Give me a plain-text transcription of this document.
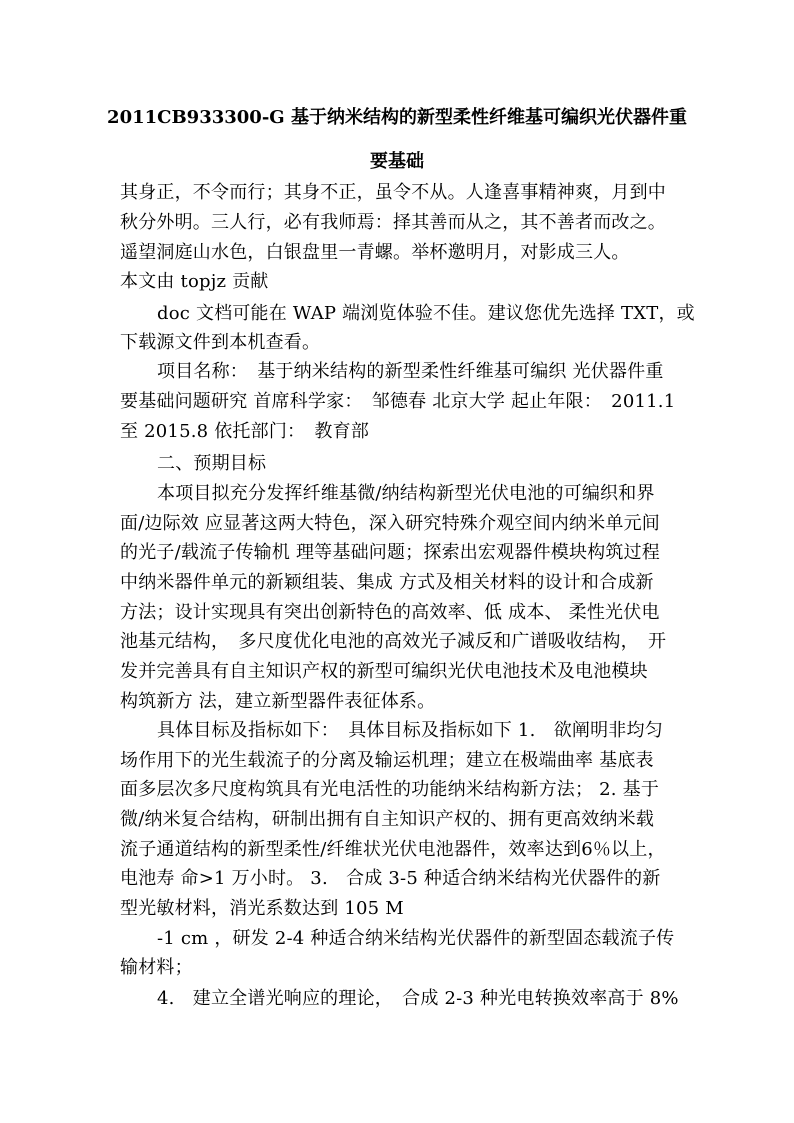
2011CB933300-G 基于纳米结构的新型柔性纤维基可编织光伏器件重
要基础
其身正，不令而行；其身不正，虽令不从。人逢喜事精神爽，月到中
秋分外明。三人行，必有我师焉：择其善而从之，其不善者而改之。
遥望洞庭山水色，白银盘里一青螺。举杯邀明月，对影成三人。
本文由 topjz 贡献
doc 文档可能在 WAP 端浏览体验不佳。建议您优先选择 TXT，或
下载源文件到本机查看。
项目名称：　基于纳米结构的新型柔性纤维基可编织 光伏器件重
要基础问题研究 首席科学家：　邹德春 北京大学 起止年限：　2011.1
至 2015.8 依托部门：　教育部
二、预期目标
本项目拟充分发挥纤维基微/纳结构新型光伏电池的可编织和界
面/边际效 应显著这两大特色，深入研究特殊介观空间内纳米单元间
的光子/载流子传输机 理等基础问题；探索出宏观器件模块构筑过程
中纳米器件单元的新颖组装、集成 方式及相关材料的设计和合成新
方法；设计实现具有突出创新特色的高效率、低 成本、 柔性光伏电
池基元结构，　多尺度优化电池的高效光子减反和广谱吸收结构，　开
发并完善具有自主知识产权的新型可编织光伏电池技术及电池模块
构筑新方 法，建立新型器件表征体系。
具体目标及指标如下：　具体目标及指标如下 1.　欲阐明非均匀
场作用下的光生载流子的分离及输运机理；建立在极端曲率 基底表
面多层次多尺度构筑具有光电活性的功能纳米结构新方法； 2. 基于
微/纳米复合结构，研制出拥有自主知识产权的、拥有更高效纳米载
流子通道结构的新型柔性/纤维状光伏电池器件，效率达到6％以上，
电池寿 命>1 万小时。 3.　合成 3-5 种适合纳米结构光伏器件的新
型光敏材料，消光系数达到 105 M
-1 cm ，研发 2-4 种适合纳米结构光伏器件的新型固态载流子传
输材料；
4.　建立全谱光响应的理论，　合成 2-3 种光电转换效率高于 8%
